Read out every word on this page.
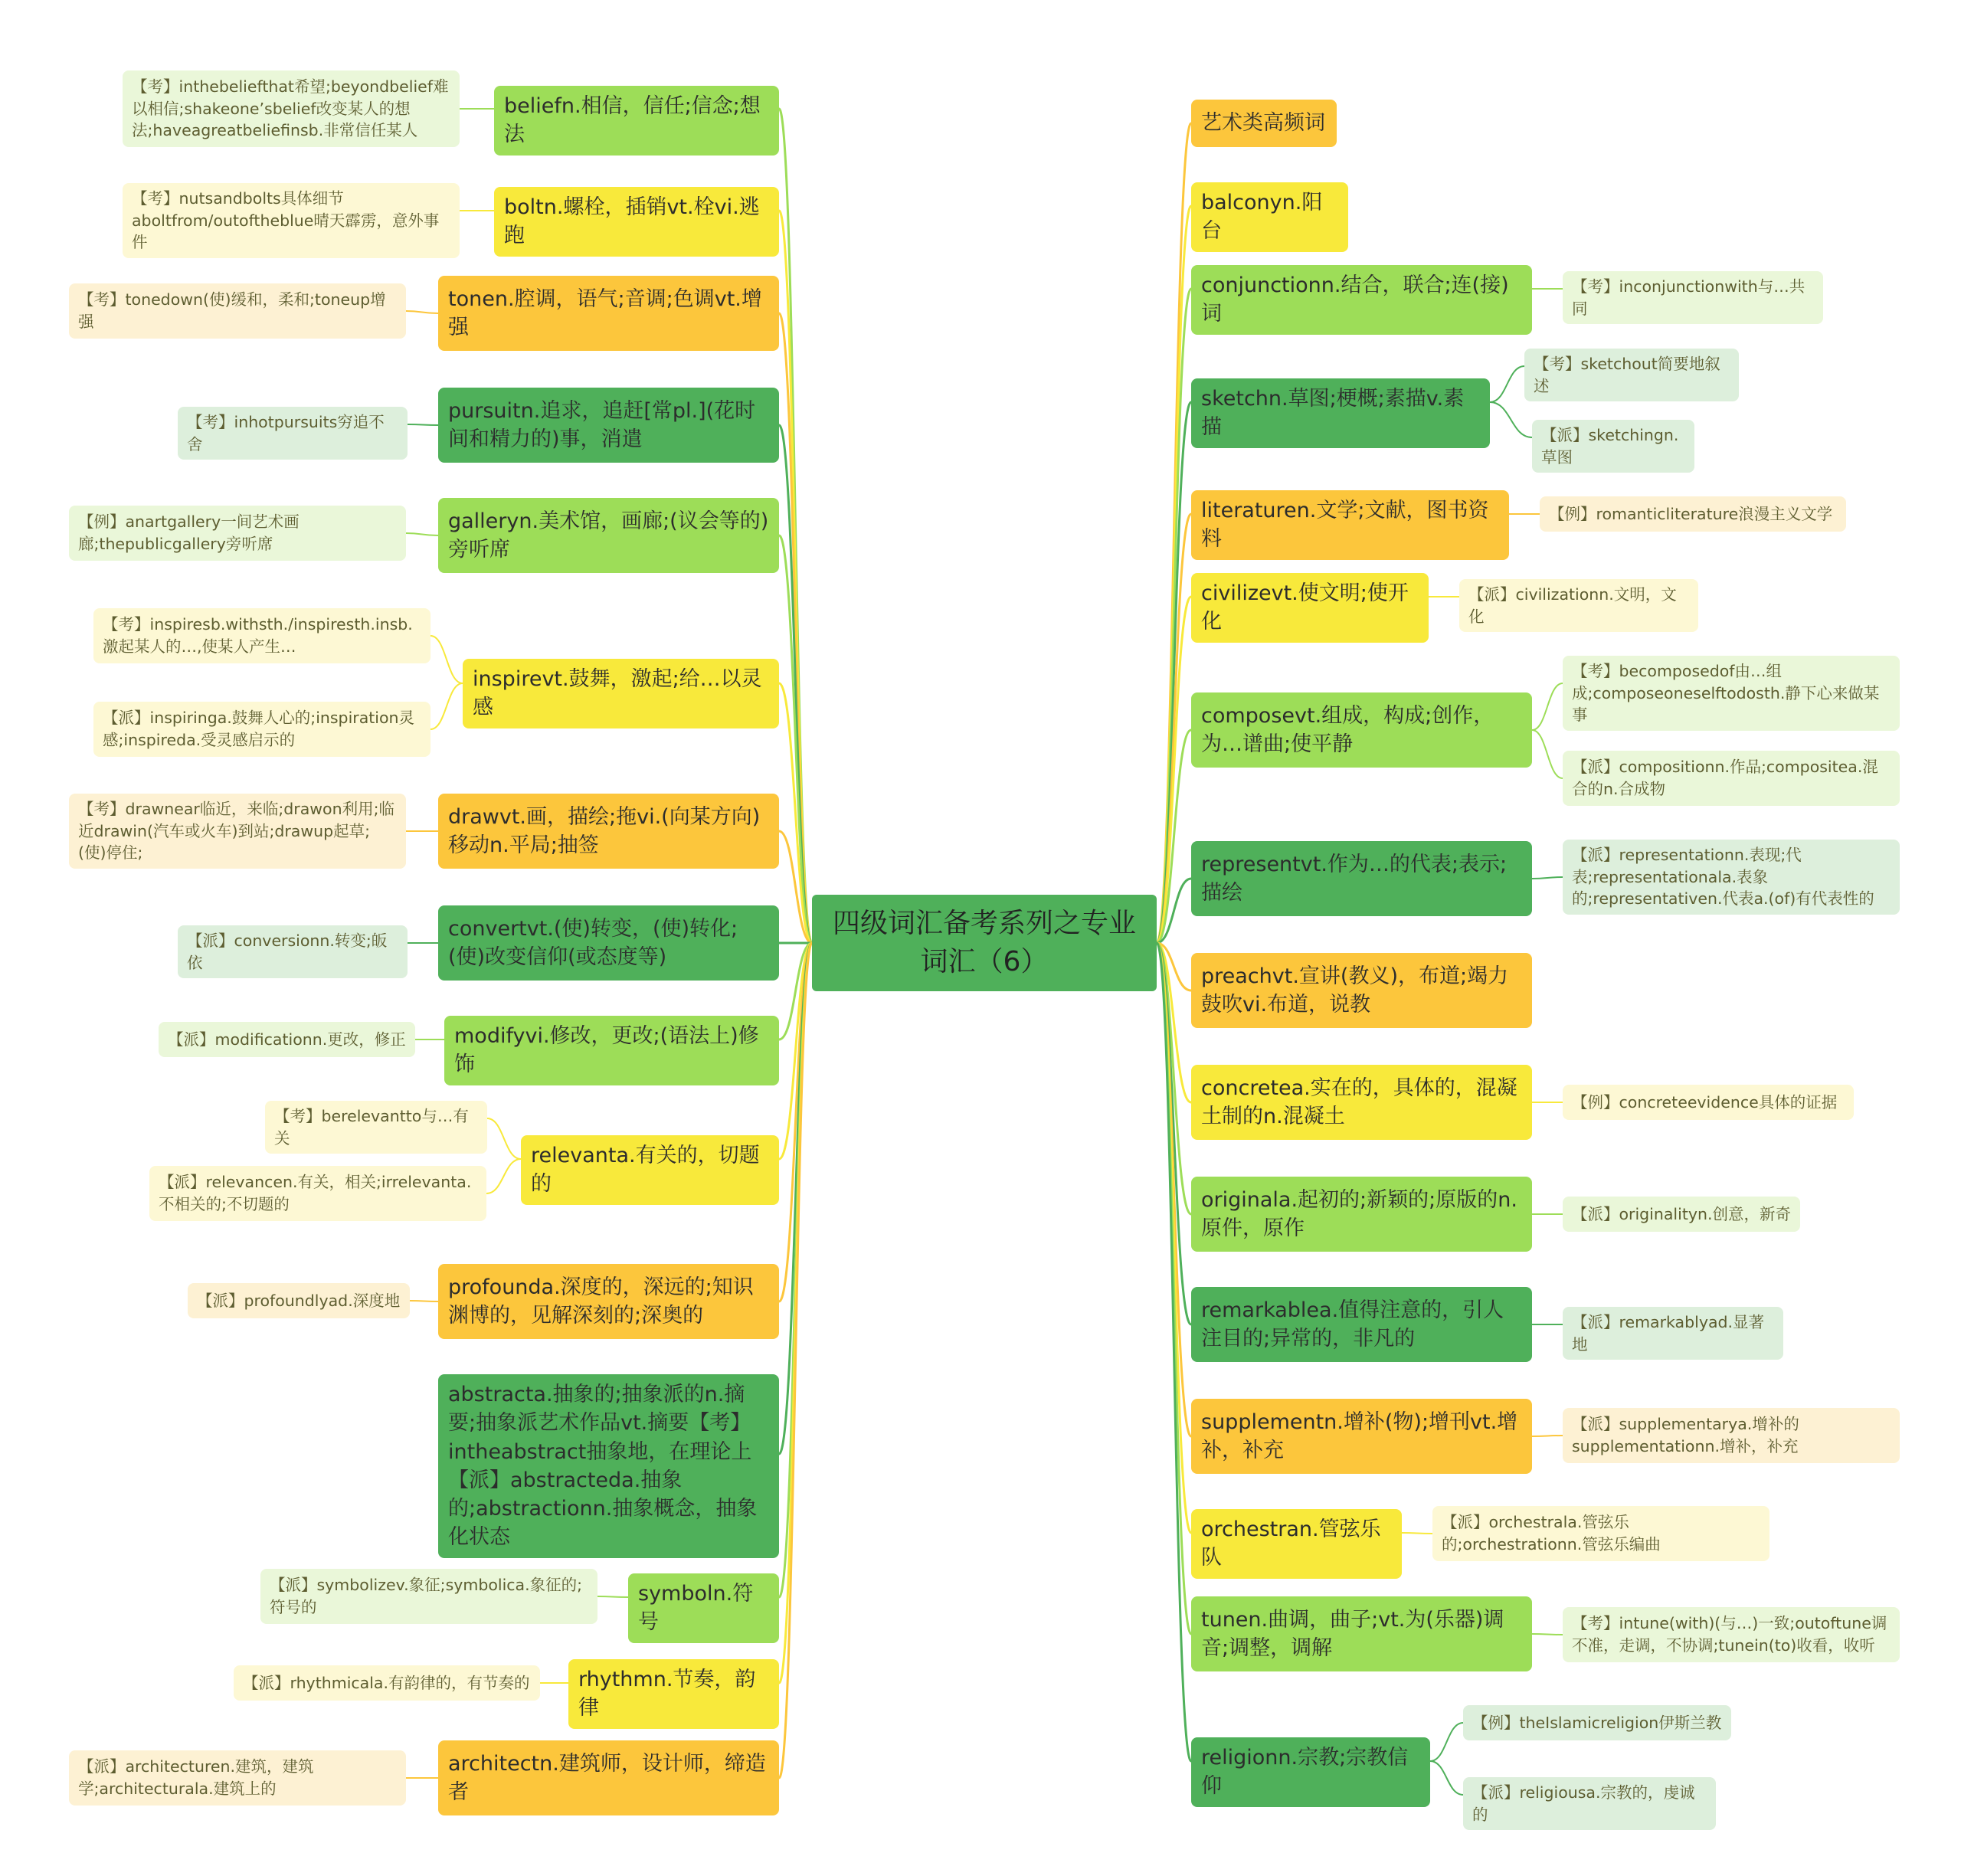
四级词汇备考系列之专业词汇（6）
beliefn.相信，信任;信念;想法
【考】inthebeliefthat希望;beyondbelief难以相信;shakeone’sbelief改变某人的想法;haveagreatbeliefinsb.非常信任某人
boltn.螺栓，插销vt.栓vi.逃跑
【考】nutsandbolts具体细节aboltfrom/outoftheblue晴天霹雳，意外事件
tonen.腔调，语气;音调;色调vt.增强
【考】tonedown(使)缓和，柔和;toneup增强
pursuitn.追求，追赶[常pl.](花时间和精力的)事，消遣
【考】inhotpursuits穷追不舍
galleryn.美术馆，画廊;(议会等的)旁听席
【例】anartgallery一间艺术画廊;thepublicgallery旁听席
inspirevt.鼓舞，激起;给…以灵感
【考】inspiresb.withsth./inspiresth.insb.激起某人的…,使某人产生…
【派】inspiringa.鼓舞人心的;inspiration灵感;inspireda.受灵感启示的
drawvt.画，描绘;拖vi.(向某方向)移动n.平局;抽签
【考】drawnear临近，来临;drawon利用;临近drawin(汽车或火车)到站;drawup起草;(使)停住;
convertvt.(使)转变，(使)转化;(使)改变信仰(或态度等)
【派】conversionn.转变;皈依
modifyvi.修改，更改;(语法上)修饰
【派】modificationn.更改，修正
relevanta.有关的，切题的
【考】berelevantto与…有关
【派】relevancen.有关，相关;irrelevanta.不相关的;不切题的
profounda.深度的，深远的;知识渊博的，见解深刻的;深奥的
【派】profoundlyad.深度地
abstracta.抽象的;抽象派的n.摘要;抽象派艺术作品vt.摘要【考】intheabstract抽象地，在理论上【派】abstracteda.抽象的;abstractionn.抽象概念，抽象化状态
symboln.符号
【派】symbolizev.象征;symbolica.象征的;符号的
rhythmn.节奏，韵律
【派】rhythmicala.有韵律的，有节奏的
architectn.建筑师，设计师，缔造者
【派】architecturen.建筑，建筑学;architecturala.建筑上的
艺术类高频词
balconyn.阳台
conjunctionn.结合，联合;连(接)词
【考】inconjunctionwith与…共同
sketchn.草图;梗概;素描v.素描
【考】sketchout简要地叙述
【派】sketchingn.草图
literaturen.文学;文献，图书资料
【例】romanticliterature浪漫主义文学
civilizevt.使文明;使开化
【派】civilizationn.文明，文化
composevt.组成，构成;创作，为…谱曲;使平静
【考】becomposedof由…组成;composeoneselftodosth.静下心来做某事
【派】compositionn.作品;compositea.混合的n.合成物
representvt.作为…的代表;表示;描绘
【派】representationn.表现;代表;representationala.表象的;representativen.代表a.(of)有代表性的
preachvt.宣讲(教义)，布道;竭力鼓吹vi.布道，说教
concretea.实在的，具体的，混凝土制的n.混凝土
【例】concreteevidence具体的证据
originala.起初的;新颖的;原版的n.原件，原作
【派】originalityn.创意，新奇
remarkablea.值得注意的，引人注目的;异常的，非凡的
【派】remarkablyad.显著地
supplementn.增补(物);增刊vt.增补，补充
【派】supplementarya.增补的supplementationn.增补，补充
orchestran.管弦乐队
【派】orchestrala.管弦乐的;orchestrationn.管弦乐编曲
tunen.曲调，曲子;vt.为(乐器)调音;调整，调解
【考】intune(with)(与…)一致;outoftune调不准，走调，不协调;tunein(to)收看，收听
religionn.宗教;宗教信仰
【例】theIslamicreligion伊斯兰教
【派】religiousa.宗教的，虔诚的
